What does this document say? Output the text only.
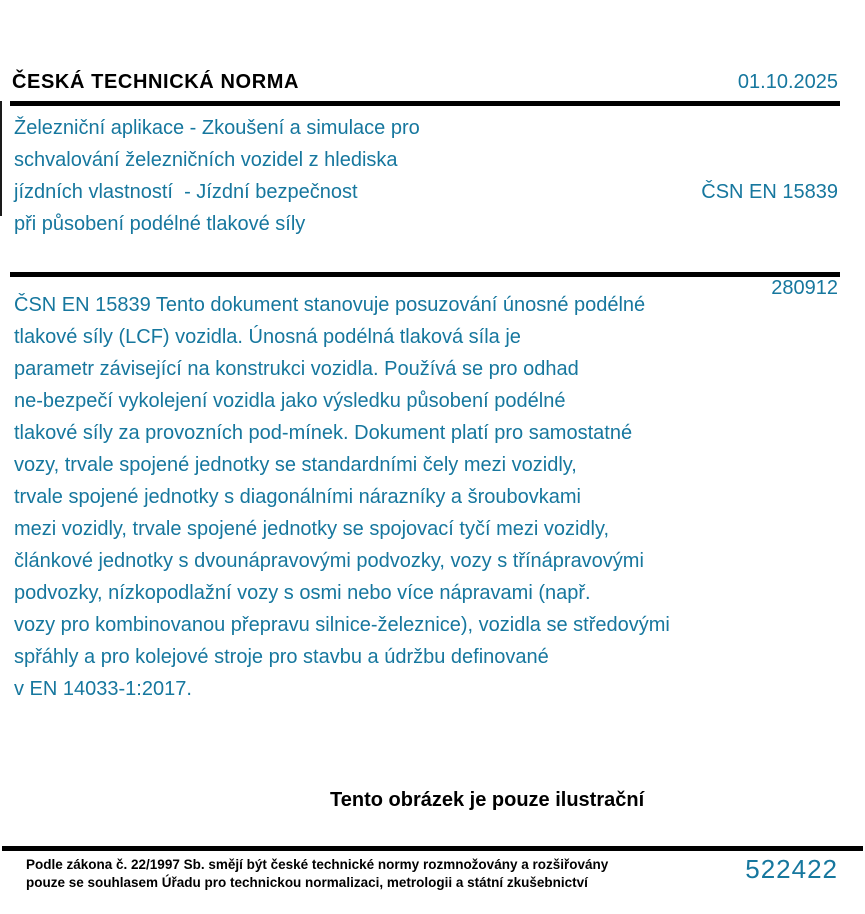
ČESKÁ TECHNICKÁ NORMA	01.10.2025
Železniční aplikace - Zkoušení a simulace pro
schvalování železničních vozidel z hlediska
jízdních vlastností  - Jízdní bezpečnost
při působení podélné tlakové síly

ČSN EN 15839

280912

ČSN EN 15839 Tento dokument stanovuje posuzování únosné podélné
tlakové síly (LCF) vozidla. Únosná podélná tlaková síla je
parametr závisející na konstrukci vozidla. Používá se pro odhad
ne-bezpečí vykolejení vozidla jako výsledku působení podélné
tlakové síly za provozních pod-mínek. Dokument platí pro samostatné
vozy, trvale spojené jednotky se standardními čely mezi vozidly,
trvale spojené jednotky s diagonálními nárazníky a šroubovkami
mezi vozidly, trvale spojené jednotky se spojovací tyčí mezi vozidly,
článkové jednotky s dvounápravovými podvozky, vozy s třínápravovými
podvozky, nízkopodlažní vozy s osmi nebo více nápravami (např.
vozy pro kombinovanou přepravu silnice-železnice), vozidla se středovými
spřáhly a pro kolejové stroje pro stavbu a údržbu definované
v EN 14033-1:2017.
Tento obrázek je pouze ilustrační
Podle zákona č. 22/1997 Sb. smějí být české technické normy rozmnožovány a rozšiřovány
pouze se souhlasem Úřadu pro technickou normalizaci, metrologii a státní zkušebnictví	522422
